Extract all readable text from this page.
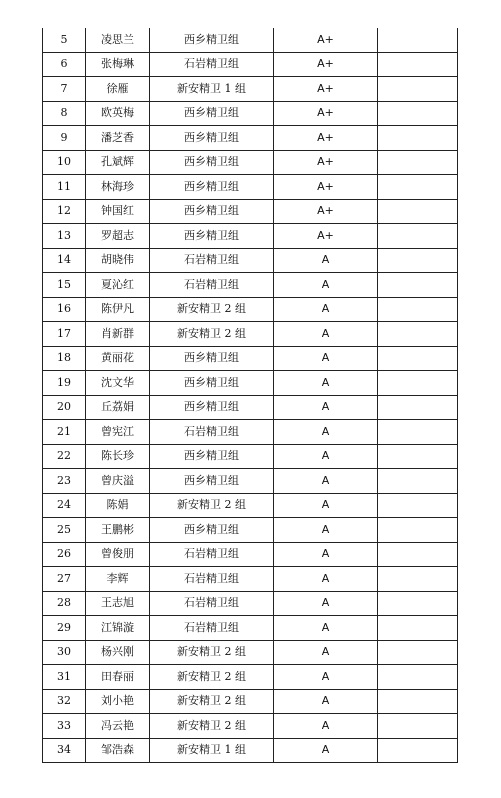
5	凌思兰	西乡精卫组	A+	
6	张梅琳	石岩精卫组	A+	
7	徐雁	新安精卫 1 组	A+	
8	欧英梅	西乡精卫组	A+	
9	潘芝香	西乡精卫组	A+	
10	孔斌辉	西乡精卫组	A+	
11	林海珍	西乡精卫组	A+	
12	钟国红	西乡精卫组	A+	
13	罗超志	西乡精卫组	A+	
14	胡晓伟	石岩精卫组	A	
15	夏沁红	石岩精卫组	A	
16	陈伊凡	新安精卫 2 组	A	
17	肖新群	新安精卫 2 组	A	
18	黄丽花	西乡精卫组	A	
19	沈文华	西乡精卫组	A	
20	丘荔娟	西乡精卫组	A	
21	曾宪江	石岩精卫组	A	
22	陈长珍	西乡精卫组	A	
23	曾庆溢	西乡精卫组	A	
24	陈娟	新安精卫 2 组	A	
25	王鹏彬	西乡精卫组	A	
26	曾俊朋	石岩精卫组	A	
27	李辉	石岩精卫组	A	
28	王志旭	石岩精卫组	A	
29	江锦漩	石岩精卫组	A	
30	杨兴刚	新安精卫 2 组	A	
31	田春丽	新安精卫 2 组	A	
32	刘小艳	新安精卫 2 组	A	
33	冯云艳	新安精卫 2 组	A	
34	邹浩森	新安精卫 1 组	A	
